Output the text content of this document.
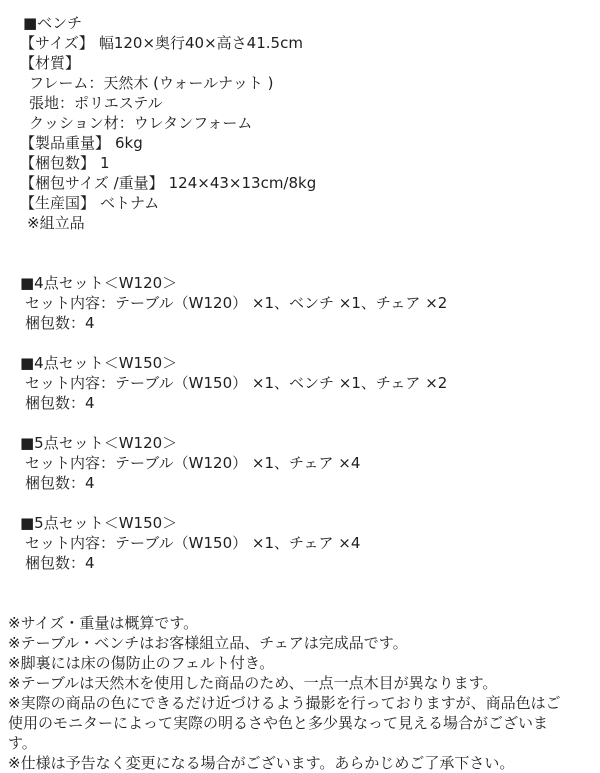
■ベンチ
【サイズ】 幅120×奥行40×高さ41.5cm
【材質】
フレーム：天然木 (ウォールナット )
張地：ポリエステル
クッション材：ウレタンフォーム
【製品重量】 6kg
【梱包数】 1
【梱包サイズ /重量】 124×43×13cm/8kg
【生産国】 ベトナム
※組立品
■4点セット＜W120＞
セット内容：テーブル（W120） ×1、ベンチ ×1、チェア ×2
梱包数：4
■4点セット＜W150＞
セット内容：テーブル（W150） ×1、ベンチ ×1、チェア ×2
梱包数：4
■5点セット＜W120＞
セット内容：テーブル（W120） ×1、チェア ×4
梱包数：4
■5点セット＜W150＞
セット内容：テーブル（W150） ×1、チェア ×4
梱包数：4
※サイズ・重量は概算です。
※テーブル・ベンチはお客様組立品、チェアは完成品です。
※脚裏には床の傷防止のフェルト付き。
※テーブルは天然木を使用した商品のため、一点一点木目が異なります。
※実際の商品の色にできるだけ近づけるよう撮影を行っておりますが、商品色はご使用のモニターによって実際の明るさや色と多少異なって見える場合がございます。
※仕様は予告なく変更になる場合がございます。あらかじめご了承下さい。
